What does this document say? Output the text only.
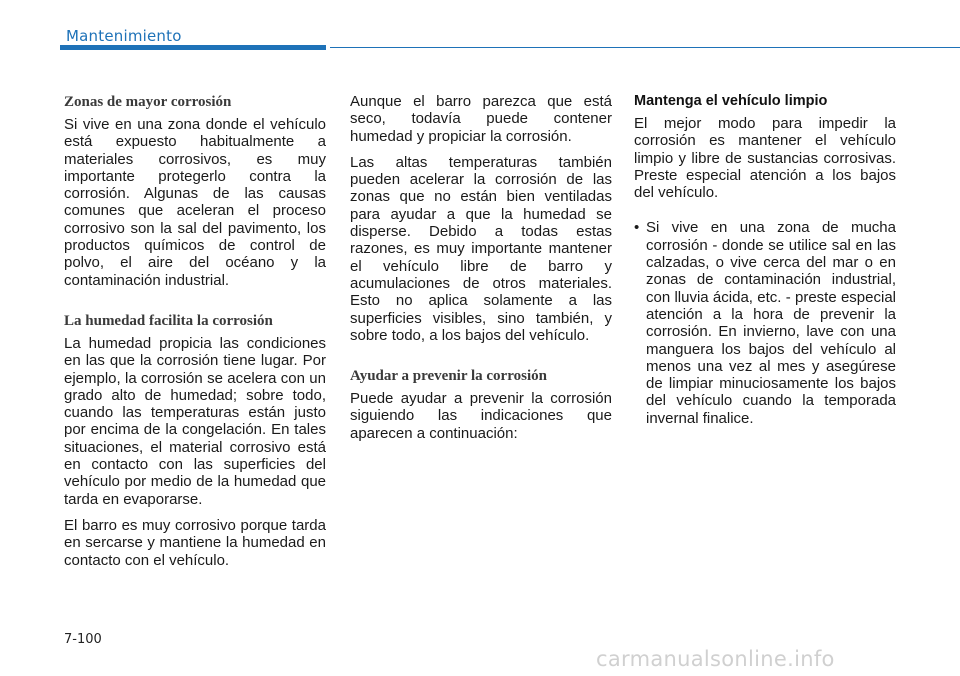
Mantenimiento
Zonas de mayor corrosión

Si vive en una zona donde el vehículo está expuesto habitualmente a materiales corrosivos, es muy importante protegerlo contra la corrosión. Algunas de las causas comunes que aceleran el proceso corrosivo son la sal del pavimento, los productos químicos de control de polvo, el aire del océano y la contaminación industrial.

La humedad facilita la corrosión

La humedad propicia las condiciones en las que la corrosión tiene lugar. Por ejemplo, la corrosión se acelera con un grado alto de humedad; sobre todo, cuando las temperaturas están justo por encima de la congelación. En tales situaciones, el material corrosivo está en contacto con las superficies del vehículo por medio de la humedad que tarda en evaporarse.

El barro es muy corrosivo porque tarda en sercarse y mantiene la humedad en contacto con el vehículo.

Aunque el barro parezca que está seco, todavía puede contener humedad y propiciar la corrosión.

Las altas temperaturas también pueden acelerar la corrosión de las zonas que no están bien ventiladas para ayudar a que la humedad se disperse. Debido a todas estas razones, es muy importante mantener el vehículo libre de barro y acumulaciones de otros materiales. Esto no aplica solamente a las superficies visibles, sino también, y sobre todo, a los bajos del vehículo.

Ayudar a prevenir la corrosión

Puede ayudar a prevenir la corrosión siguiendo las indicaciones que aparecen a continuación:

Mantenga el vehículo limpio

El mejor modo para impedir la corrosión es mantener el vehículo limpio y libre de sustancias corrosivas. Preste especial atención a los bajos del vehículo.

• Si vive en una zona de mucha corrosión - donde se utilice sal en las calzadas, o vive cerca del mar o en zonas de contaminación industrial, con lluvia ácida, etc. - preste especial atención a la hora de prevenir la corrosión. En invierno, lave con una manguera los bajos del vehículo al menos una vez al mes y asegúrese de limpiar minuciosamente los bajos del vehículo cuando la temporada invernal finalice.
7-100
carmanualsonline.info
